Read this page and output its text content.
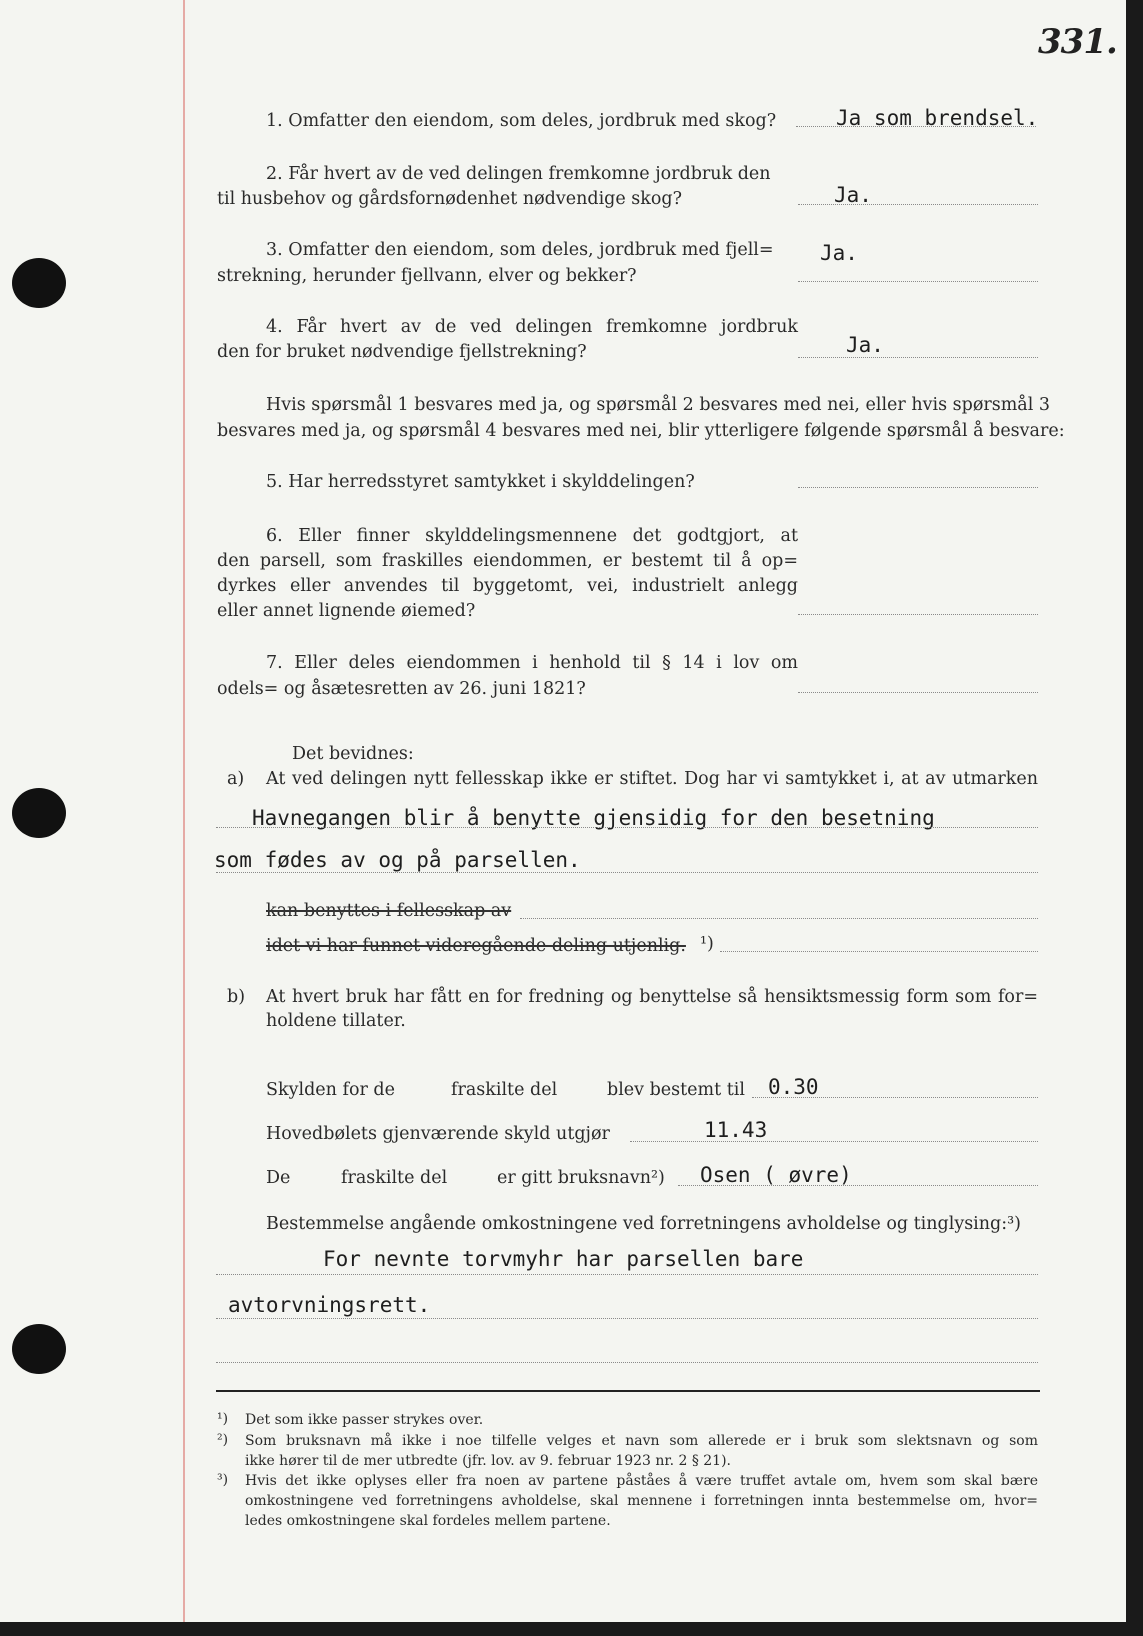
331.
1. Omfatter den eiendom, som deles, jordbruk med skog?	Ja som brendsel.
2. Får hvert av de ved delingen fremkomne jordbruk den
til husbehov og gårdsfornødenhet nødvendige skog?	Ja.
3. Omfatter den eiendom, som deles, jordbruk med fjell=
strekning, herunder fjellvann, elver og bekker?
Ja.
4. Får hvert av de ved delingen fremkomne jordbruk
den for bruket nødvendige fjellstrekning?	Ja.
Hvis spørsmål 1 besvares med ja, og spørsmål 2 besvares med nei, eller hvis spørsmål 3
besvares med ja, og spørsmål 4 besvares med nei, blir ytterligere følgende spørsmål å besvare:
5. Har herredsstyret samtykket i skylddelingen?
6. Eller finner skylddelingsmennene det godtgjort, at
den parsell, som fraskilles eiendommen, er bestemt til å op=
dyrkes eller anvendes til byggetomt, vei, industrielt anlegg
eller annet lignende øiemed?
7. Eller deles eiendommen i henhold til § 14 i lov om
odels= og åsætesretten av 26. juni 1821?
Det bevidnes:
a) At ved delingen nytt fellesskap ikke er stiftet. Dog har vi samtykket i, at av utmarken
Havnegangen blir å benytte gjensidig for den besetning
som fødes av og på parsellen.
kan benyttes i fellesskap av
idet vi har funnet videregående deling utjenlig. ¹)
b) At hvert bruk har fått en for fredning og benyttelse så hensiktsmessig form som for=
holdene tillater.
Skylden for de	fraskilte del	blev bestemt til 0.30
Hovedbølets gjenværende skyld utgjør	11.43
De	fraskilte del	er gitt bruksnavn²) Osen ( øvre)
Bestemmelse angående omkostningene ved forretningens avholdelse og tinglysing:³)
For nevnte torvmyhr har parsellen bare
avtorvningsrett.
¹) Det som ikke passer strykes over.
²) Som bruksnavn må ikke i noe tilfelle velges et navn som allerede er i bruk som slektsnavn og som
ikke hører til de mer utbredte (jfr. lov. av 9. februar 1923 nr. 2 § 21).
³) Hvis det ikke oplyses eller fra noen av partene påståes å være truffet avtale om, hvem som skal bære
omkostningene ved forretningens avholdelse, skal mennene i forretningen innta bestemmelse om, hvor=
ledes omkostningene skal fordeles mellem partene.
